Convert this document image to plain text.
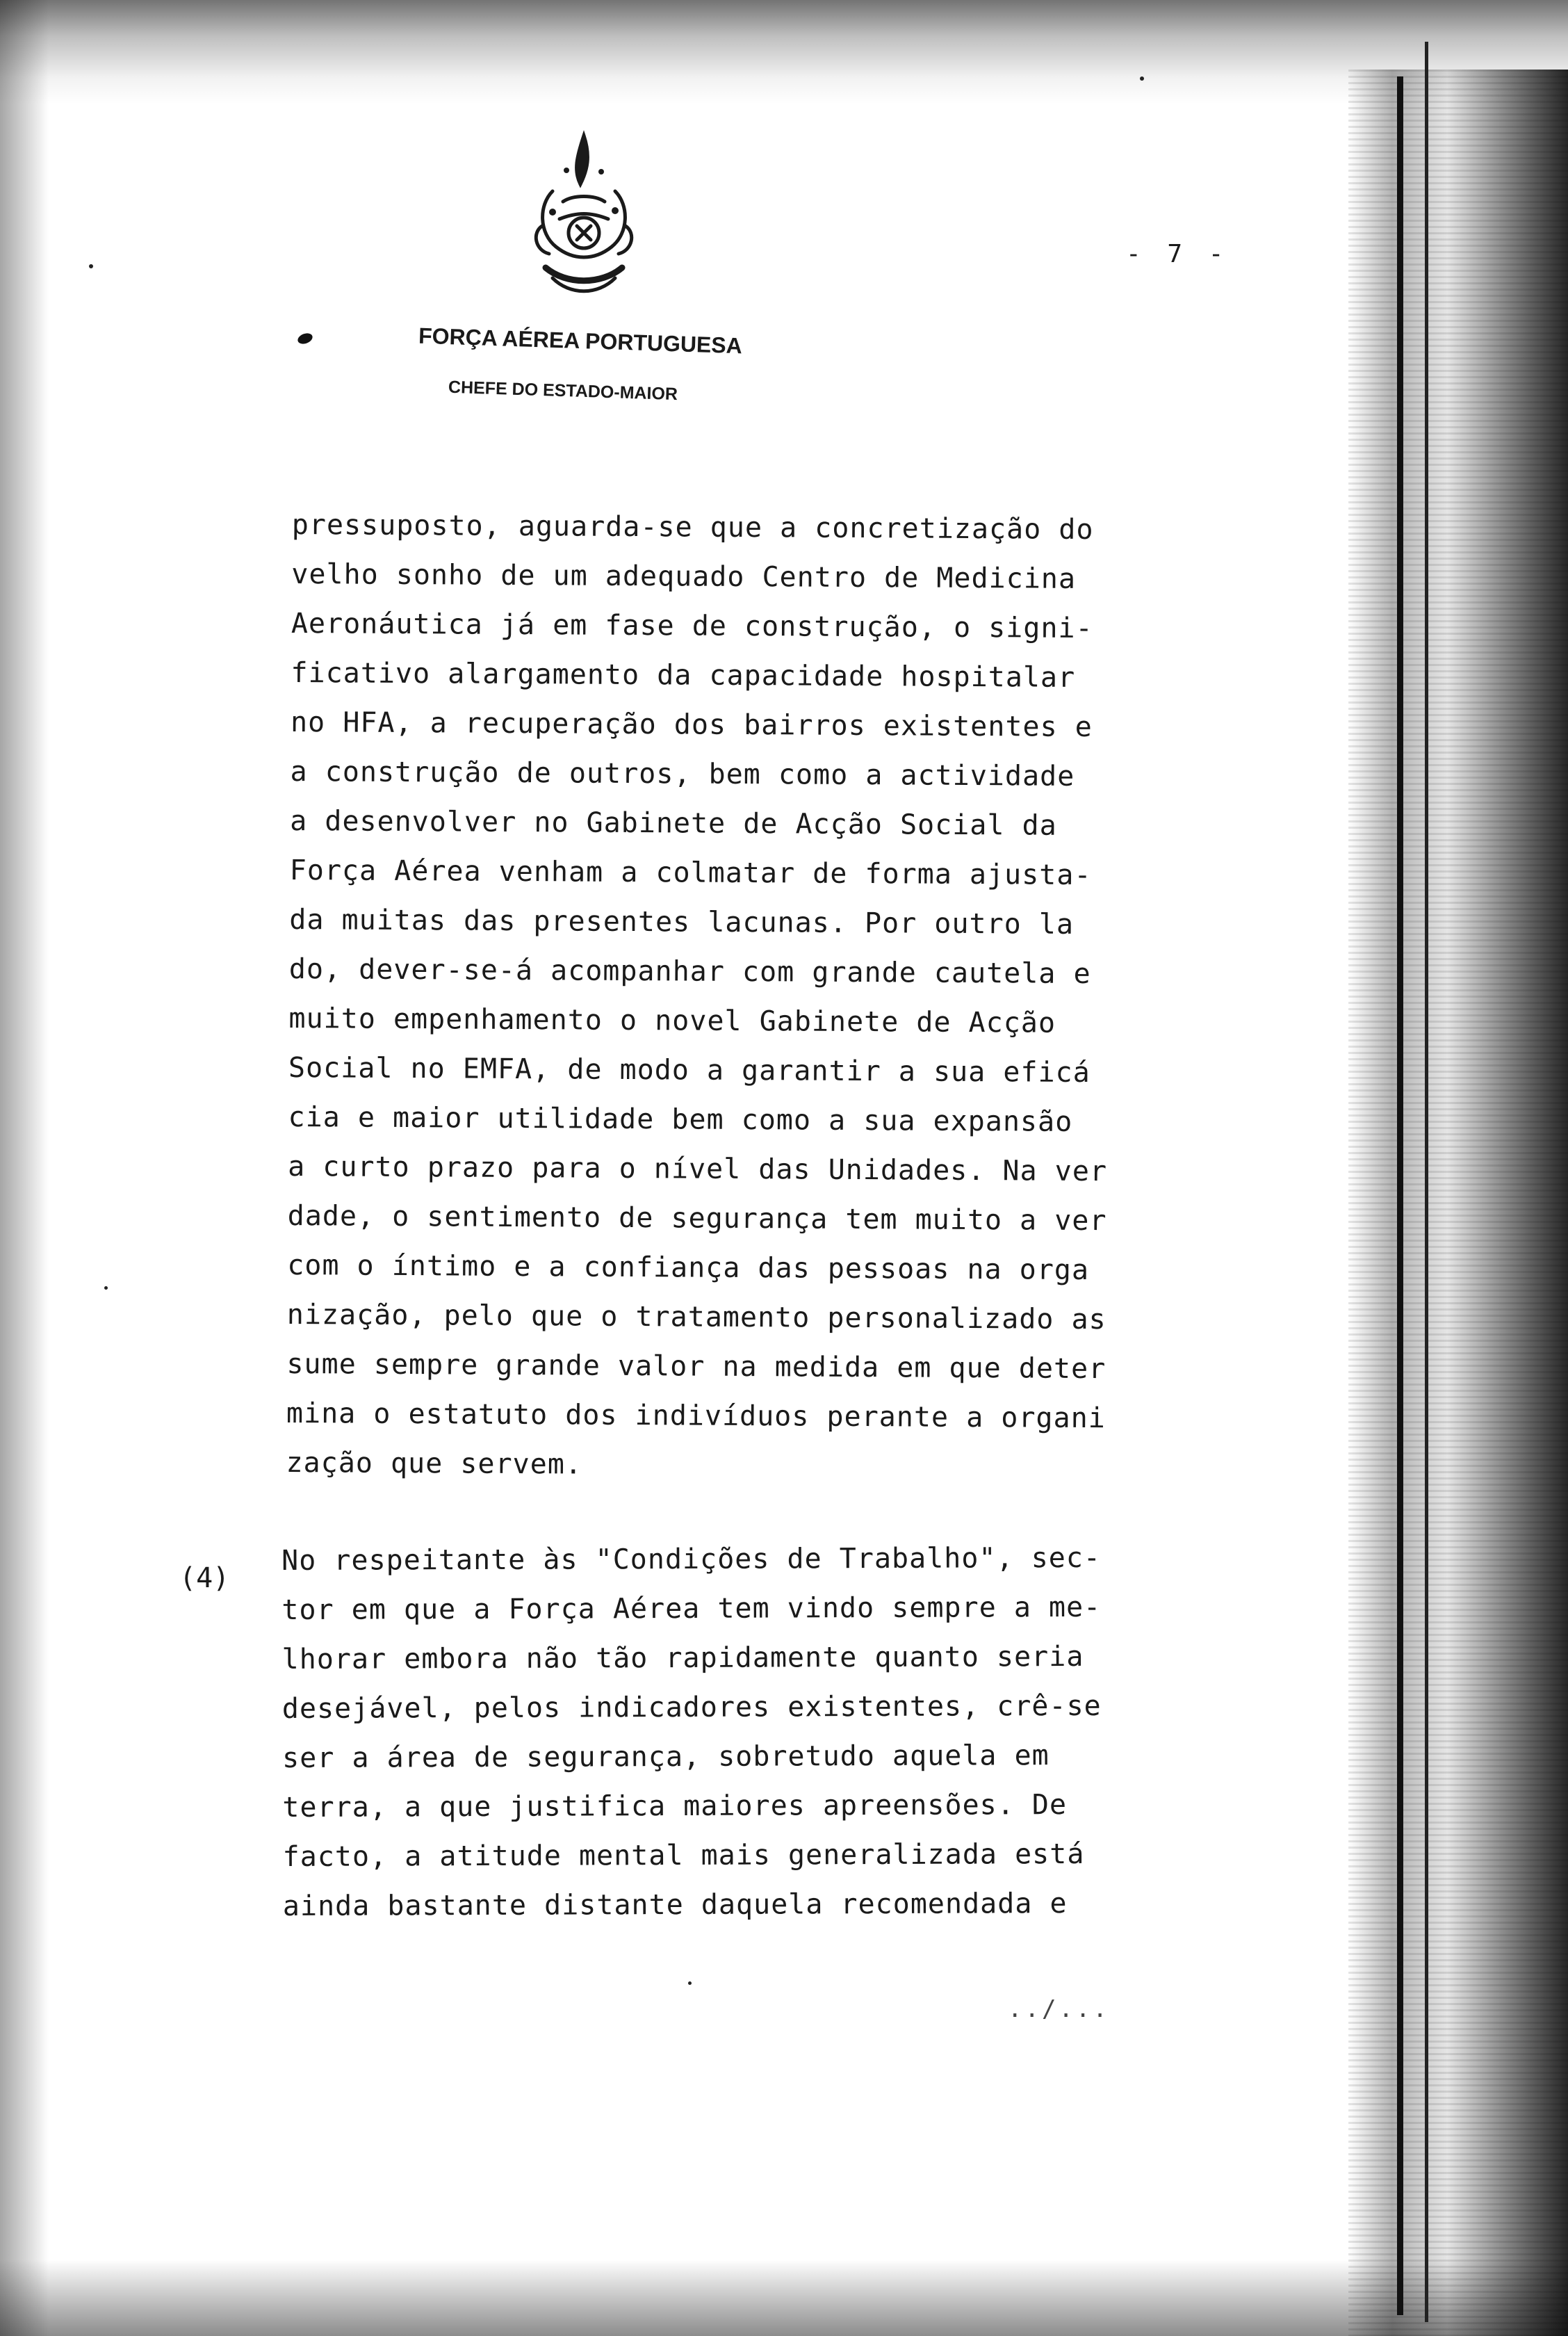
- 7 -
FORÇA AÉREA PORTUGUESA
CHEFE DO ESTADO-MAIOR

pressuposto, aguarda-se que a concretização do
velho sonho de um adequado Centro de Medicina
Aeronáutica já em fase de construção, o signi-
ficativo alargamento da capacidade hospitalar
no HFA, a recuperação dos bairros existentes e
a construção de outros, bem como a actividade
a desenvolver no Gabinete de Acção Social da
Força Aérea venham a colmatar de forma ajusta-
da muitas das presentes lacunas. Por outro la
do, dever-se-á acompanhar com grande cautela e
muito empenhamento o novel Gabinete de Acção
Social no EMFA, de modo a garantir a sua eficá
cia e maior utilidade bem como a sua expansão
a curto prazo para o nível das Unidades. Na ver
dade, o sentimento de segurança tem muito a ver
com o íntimo e a confiança das pessoas na orga
nização, pelo que o tratamento personalizado as
sume sempre grande valor na medida em que deter
mina o estatuto dos indivíduos perante a organi
zação que servem.

(4)

No respeitante às "Condições de Trabalho", sec-
tor em que a Força Aérea tem vindo sempre a me-
lhorar embora não tão rapidamente quanto seria
desejável, pelos indicadores existentes, crê-se
ser a área de segurança, sobretudo aquela em
terra, a que justifica maiores apreensões. De
facto, a atitude mental mais generalizada está
ainda bastante distante daquela recomendada e

../...
